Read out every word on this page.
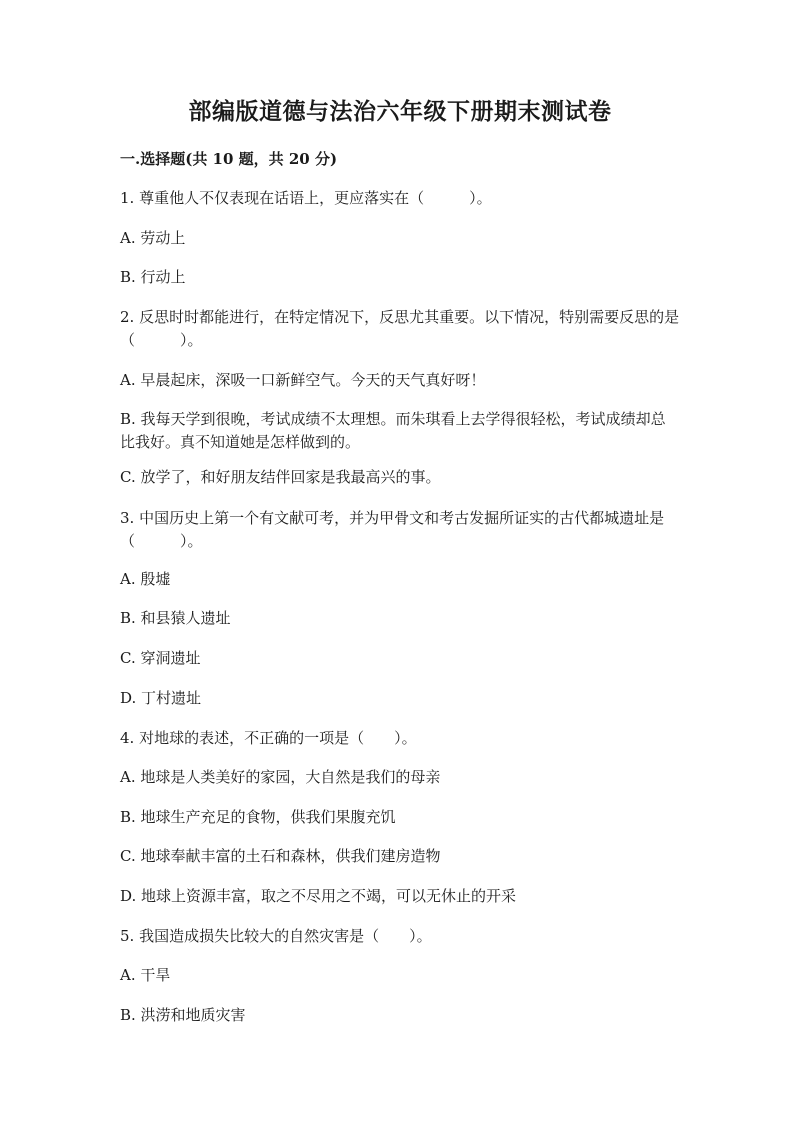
部编版道德与法治六年级下册期末测试卷
一.选择题(共 10 题，共 20 分)

1. 尊重他人不仅表现在话语上，更应落实在（　　　）。

A. 劳动上

B. 行动上

2. 反思时时都能进行，在特定情况下，反思尤其重要。以下情况，特别需要反思的是（　　　）。

A. 早晨起床，深吸一口新鲜空气。今天的天气真好呀！

B. 我每天学到很晚，考试成绩不太理想。而朱琪看上去学得很轻松，考试成绩却总比我好。真不知道她是怎样做到的。

C. 放学了，和好朋友结伴回家是我最高兴的事。

3. 中国历史上第一个有文献可考，并为甲骨文和考古发掘所证实的古代都城遗址是（　　　）。

A. 殷墟

B. 和县猿人遗址

C. 穿洞遗址

D. 丁村遗址

4. 对地球的表述，不正确的一项是（　　）。

A. 地球是人类美好的家园，大自然是我们的母亲

B. 地球生产充足的食物，供我们果腹充饥

C. 地球奉献丰富的土石和森林，供我们建房造物

D. 地球上资源丰富，取之不尽用之不竭，可以无休止的开采

5. 我国造成损失比较大的自然灾害是（　　）。

A. 干旱

B. 洪涝和地质灾害
